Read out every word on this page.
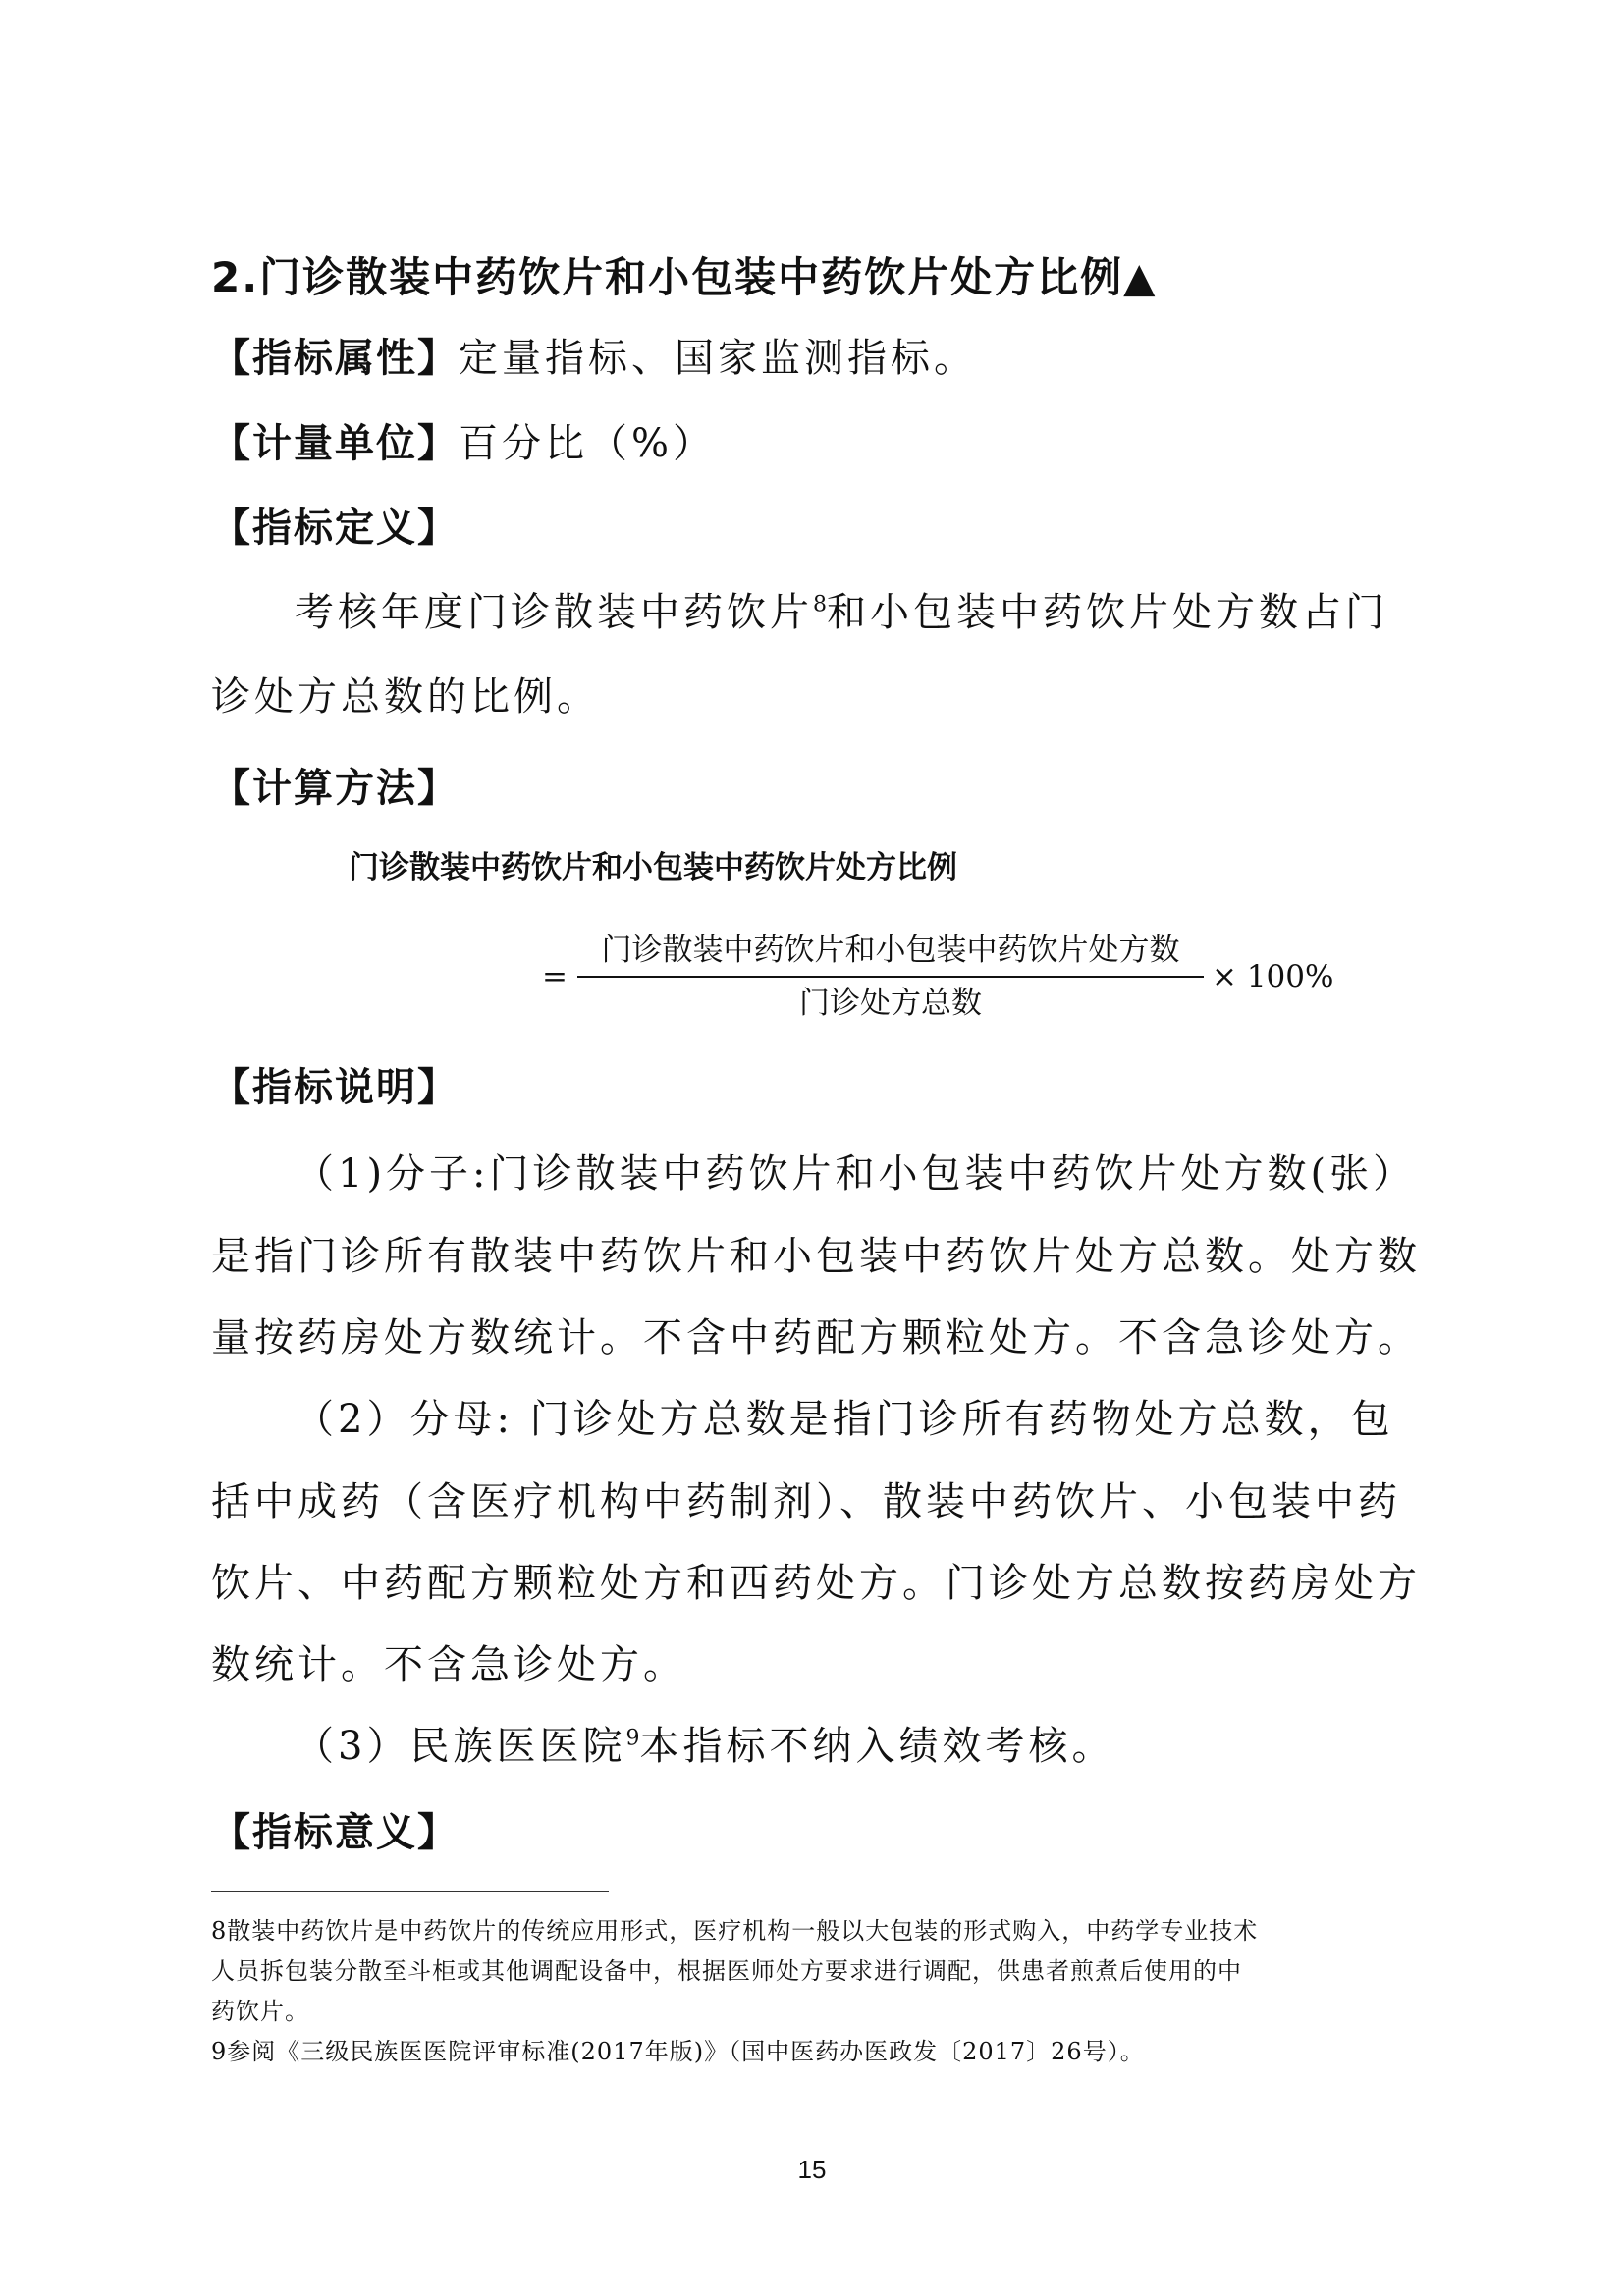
2.门诊散装中药饮片和小包装中药饮片处方比例▲
【指标属性】定量指标、国家监测指标。
【计量单位】百分比（%）
【指标定义】
考核年度门诊散装中药饮片$^8$和小包装中药饮片处方数占门
诊处方总数的比例。
【计算方法】
门诊散装中药饮片和小包装中药饮片处方比例
= $\frac{\text{门诊散装中药饮片和小包装中药饮片处方数}}{\text{门诊处方总数}} \times 100\%$
【指标说明】
（1)分子:门诊散装中药饮片和小包装中药饮片处方数(张）
是指门诊所有散装中药饮片和小包装中药饮片处方总数。处方数
量按药房处方数统计。不含中药配方颗粒处方。不含急诊处方。
（2）分母: 门诊处方总数是指门诊所有药物处方总数，包
括中成药（含医疗机构中药制剂）、散装中药饮片、小包装中药
饮片、中药配方颗粒处方和西药处方。门诊处方总数按药房处方
数统计。不含急诊处方。
（3）民族医医院$^9$本指标不纳入绩效考核。
【指标意义】
8散装中药饮片是中药饮片的传统应用形式，医疗机构一般以大包装的形式购入，中药学专业技术
人员拆包装分散至斗柜或其他调配设备中，根据医师处方要求进行调配，供患者煎煮后使用的中
药饮片。
9参阅《三级民族医医院评审标准(2017年版)》（国中医药办医政发〔2017〕26号）。
15
